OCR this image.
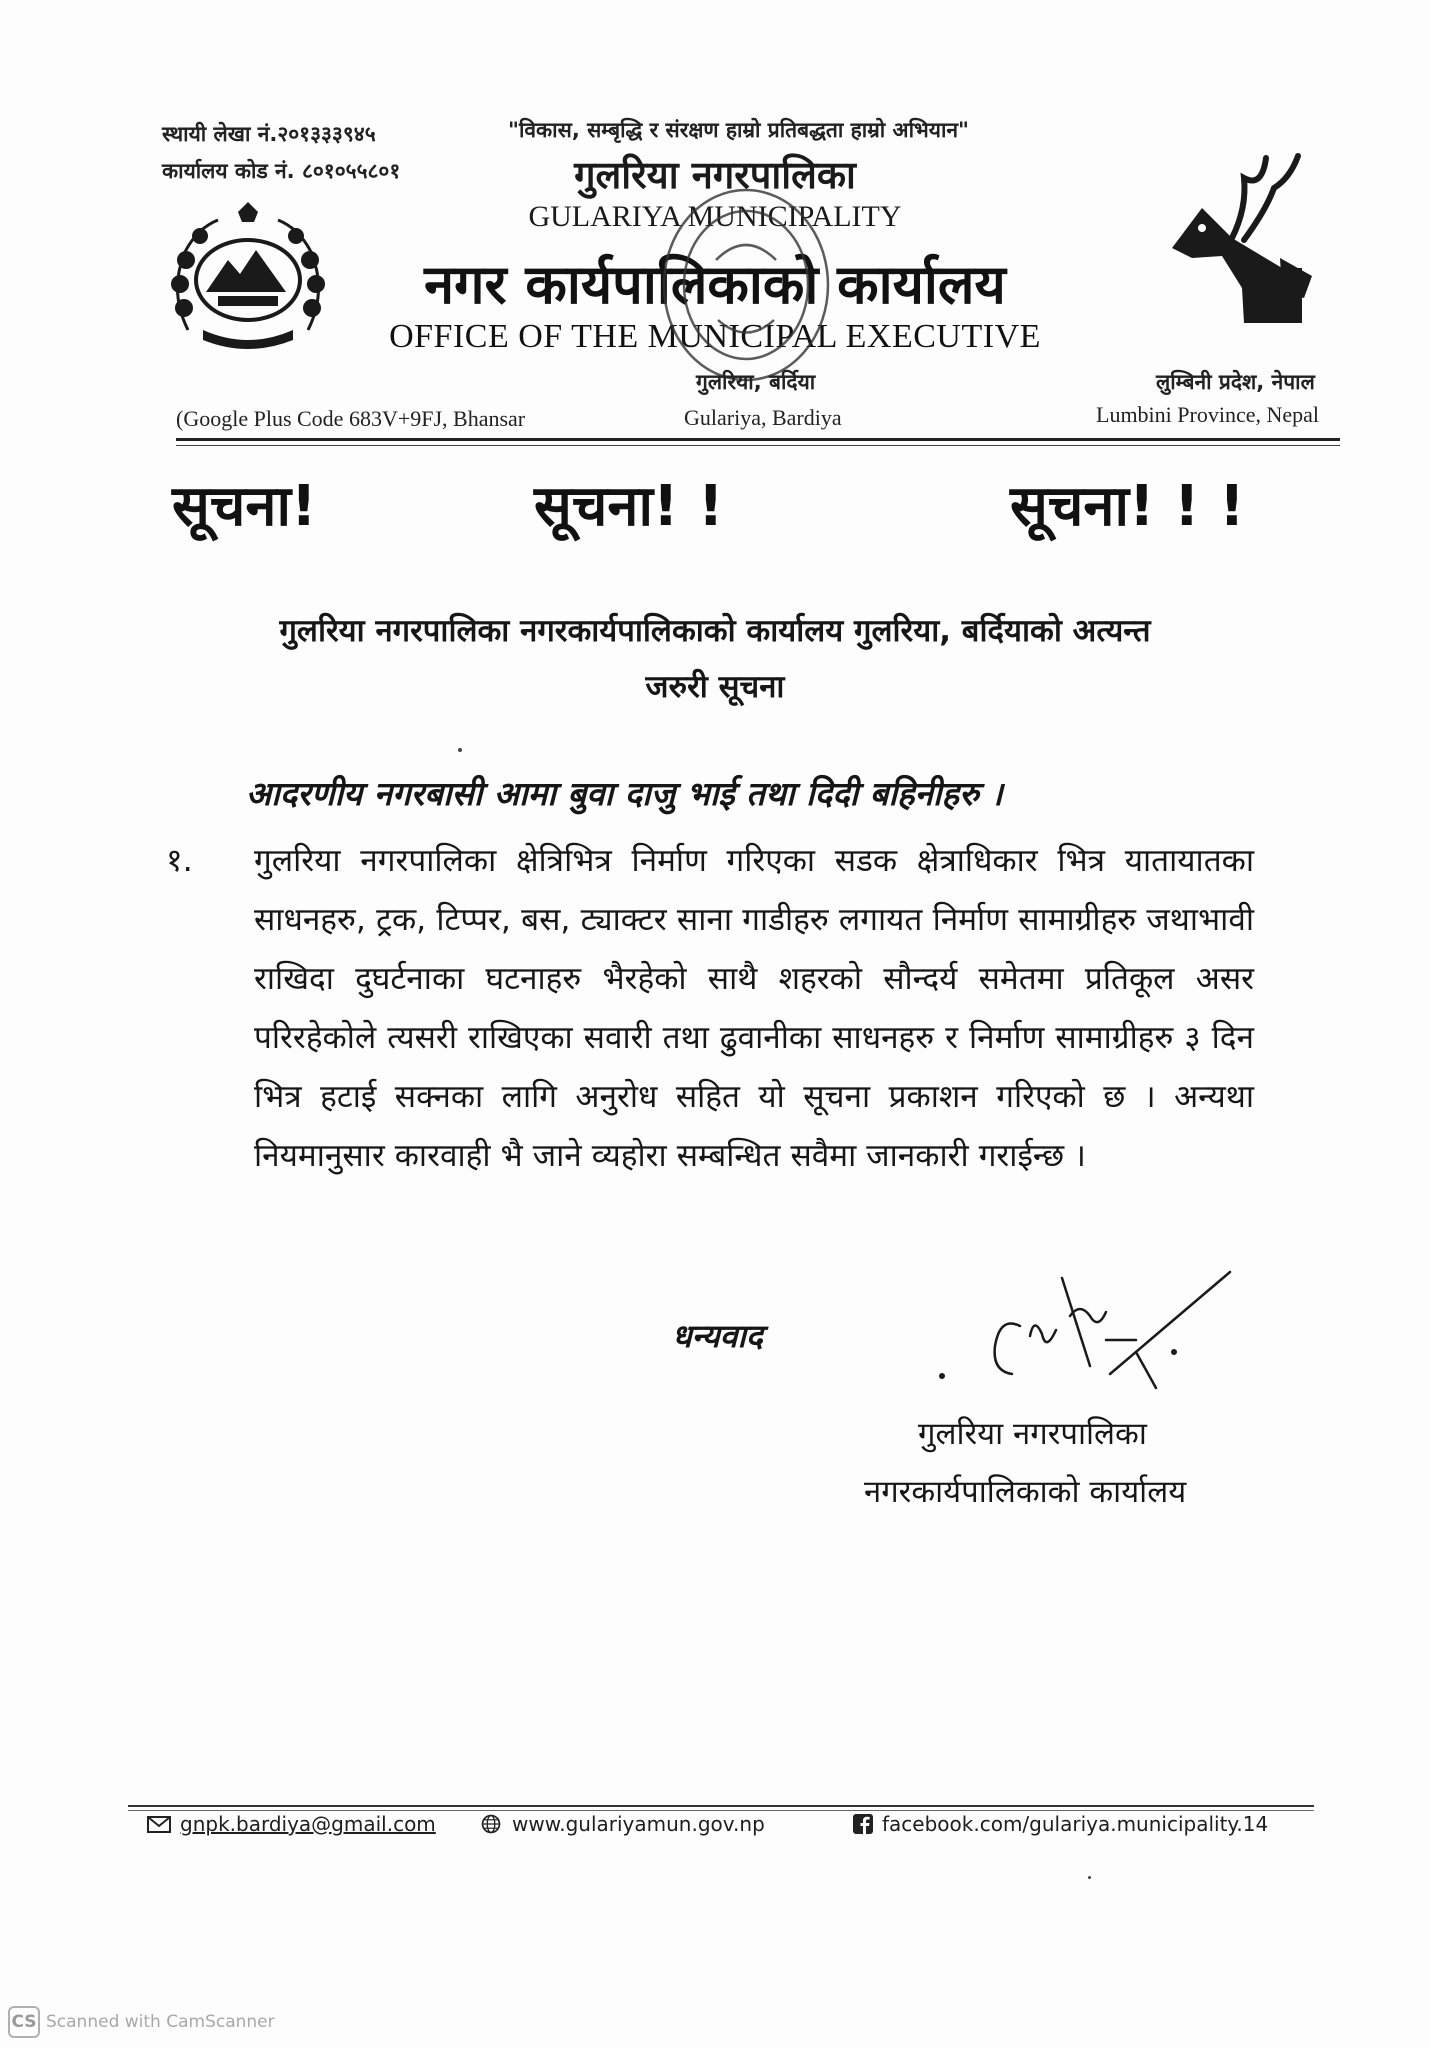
स्थायी लेखा नं.२०१३३३९४५
कार्यालय कोड नं. ८०१०५५८०१
"विकास, सम्बृद्धि र संरक्षण हाम्रो प्रतिबद्धता हाम्रो अभियान"
गुलरिया नगरपालिका
GULARIYA MUNICIPALITY
नगर कार्यपालिकाको कार्यालय
OFFICE OF THE MUNICIPAL EXECUTIVE
लुम्बिनी प्रदेश, नेपाल
Lumbini Province, Nepal
(Google Plus Code 683V+9FJ, Bhansar
गुलरिया, बर्दिया
Gulariya, Bardiya
सूचना!	सूचना! !	सूचना! ! !
गुलरिया नगरपालिका नगरकार्यपालिकाको कार्यालय गुलरिया, बर्दियाको अत्यन्त
जरुरी सूचना
आदरणीय नगरबासी आमा बुवा दाजु भाई तथा दिदी बहिनीहरु ।
१. गुलरिया नगरपालिका क्षेत्रिभित्र निर्माण गरिएका सडक क्षेत्राधिकार भित्र यातायातका साधनहरु, ट्रक, टिप्पर, बस, ट्याक्टर साना गाडीहरु लगायत निर्माण सामाग्रीहरु जथाभावी राखिदा दुघर्टनाका घटनाहरु भैरहेको साथै शहरको सौन्दर्य समेतमा प्रतिकूल असर परिरहेकोले त्यसरी राखिएका सवारी तथा ढुवानीका साधनहरु र निर्माण सामाग्रीहरु ३ दिन भित्र हटाई सक्नका लागि अनुरोध सहित यो सूचना प्रकाशन गरिएको छ । अन्यथा नियमानुसार कारवाही भै जाने व्यहोरा सम्बन्धित सवैमा जानकारी गराईन्छ ।
धन्यवाद
गुलरिया नगरपालिका
नगरकार्यपालिकाको कार्यालय
gnpk.bardiya@gmail.com	www.gulariyamun.gov.np	facebook.com/gulariya.municipality.14
CS Scanned with CamScanner
